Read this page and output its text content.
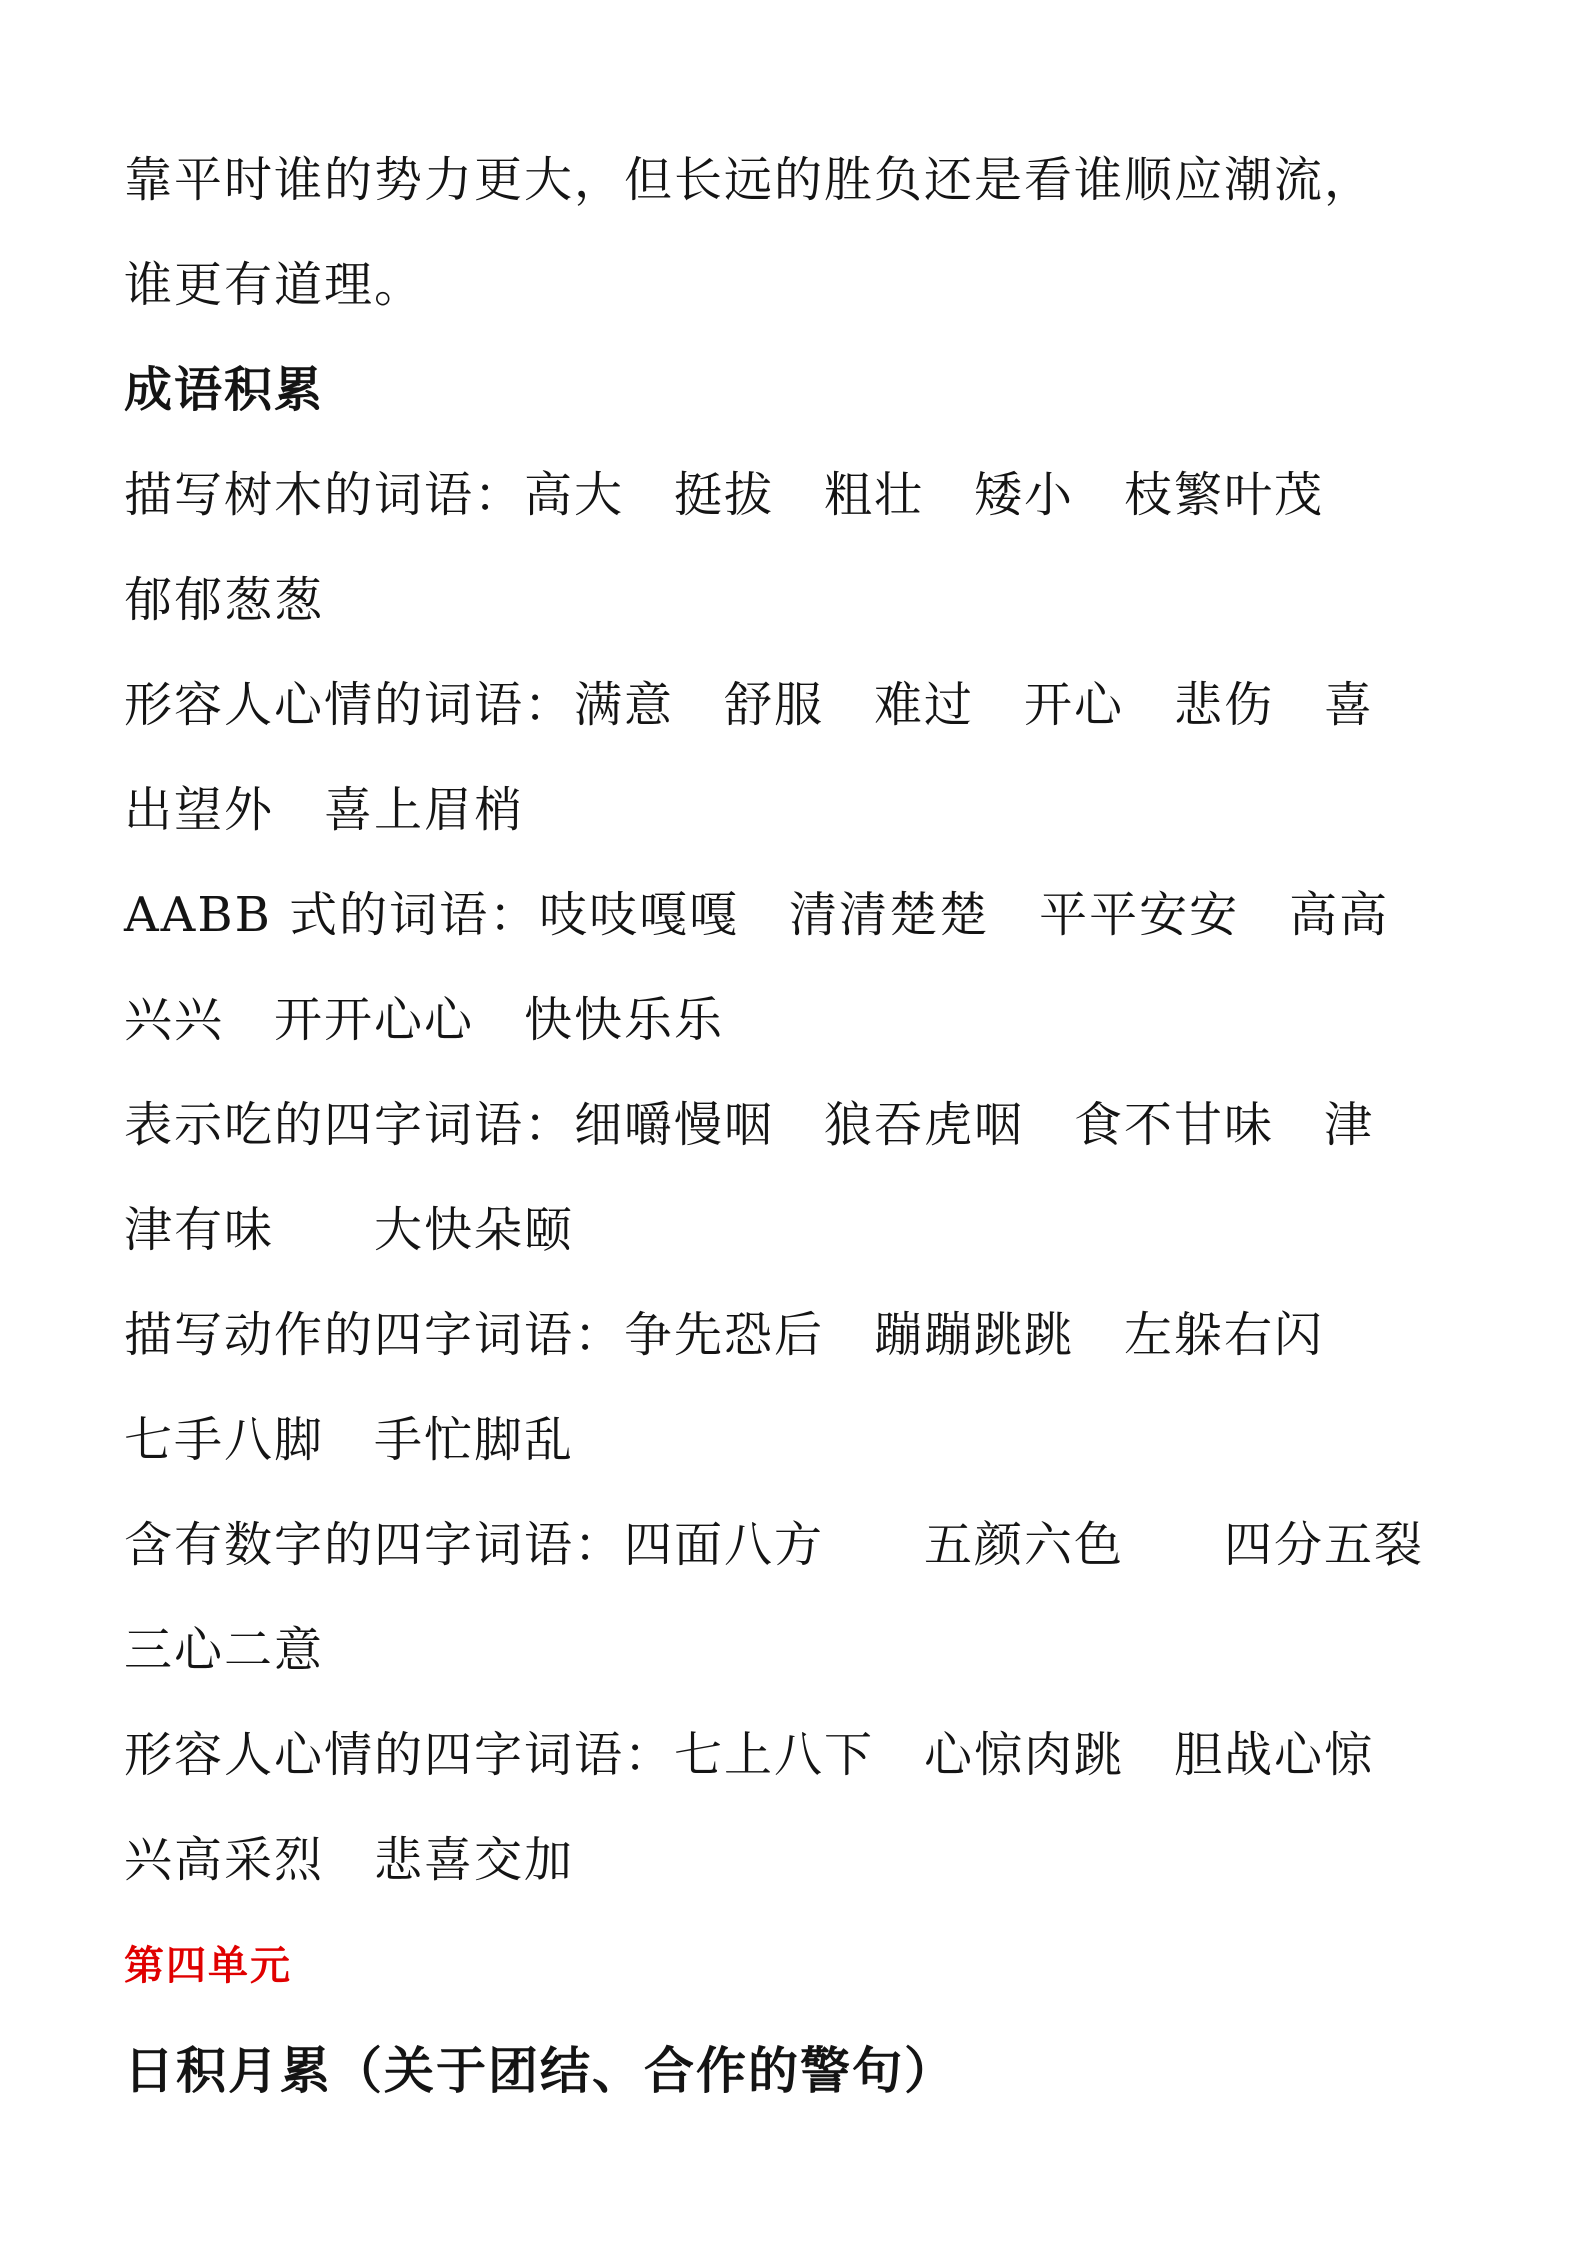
靠平时谁的势力更大，但长远的胜负还是看谁顺应潮流，
谁更有道理。
成语积累
描写树木的词语：高大　挺拔　粗壮　矮小　枝繁叶茂
郁郁葱葱
形容人心情的词语：满意　舒服　难过　开心　悲伤　喜
出望外　喜上眉梢
AABB 式的词语：吱吱嘎嘎　清清楚楚　平平安安　高高
兴兴　开开心心　快快乐乐
表示吃的四字词语：细嚼慢咽　狼吞虎咽　食不甘味　津
津有味　　大快朵颐
描写动作的四字词语：争先恐后　蹦蹦跳跳　左躲右闪
七手八脚　手忙脚乱
含有数字的四字词语：四面八方　　五颜六色　　四分五裂
三心二意
形容人心情的四字词语：七上八下　心惊肉跳　胆战心惊
兴高采烈　悲喜交加
第四单元
日积月累（关于团结、合作的警句）
